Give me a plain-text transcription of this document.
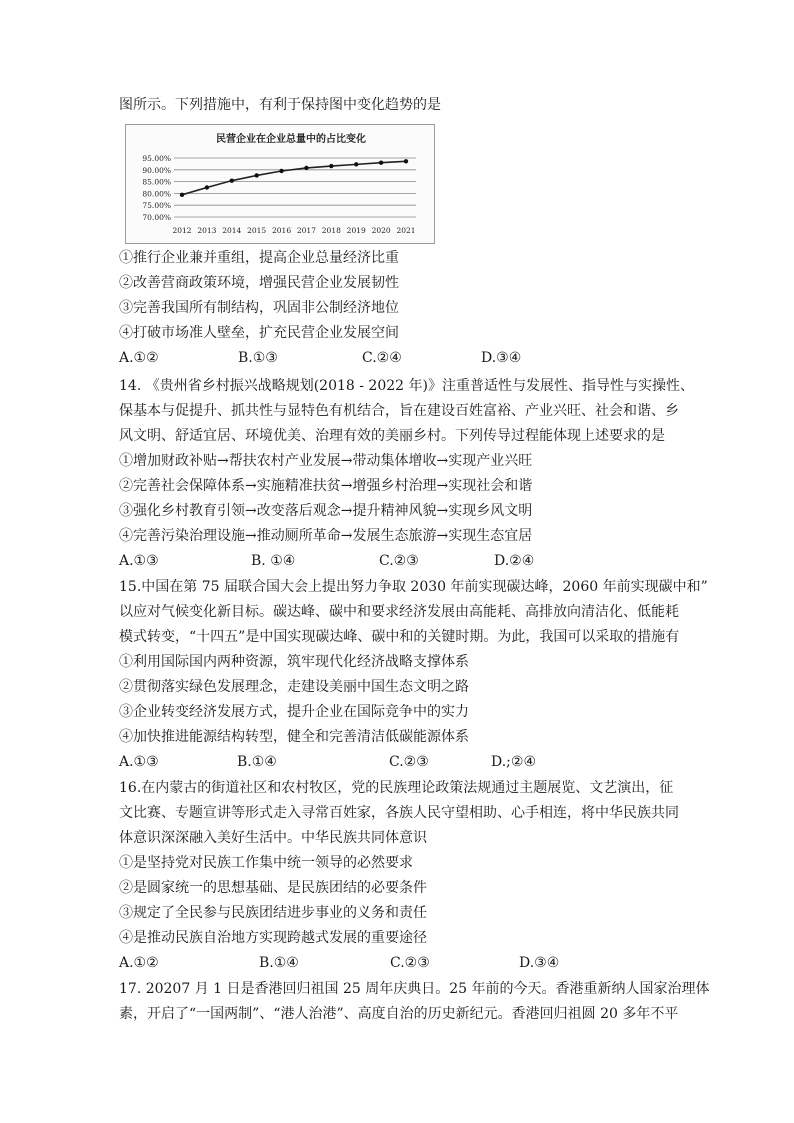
图所示。下列措施中，有利于保持图中变化趋势的是
民营企业在企业总量中的占比变化
95.00%
90.00%
85.00%
80.00%
75.00%
70.00%
2012 2013 2014 2015 2016 2017 2018 2019 2020 2021
①推行企业兼并重组，提高企业总量经济比重
②改善营商政策环境，增强民营企业发展韧性
③完善我国所有制结构，巩固非公制经济地位
④打破市场准人壁垒，扩充民营企业发展空间
A.①②	B.①③	C.②④	D.③④
14. 《贵州省乡村振兴战略规划(2018 - 2022 年)》注重普适性与发展性、指导性与实操性、
保基本与促提升、抓共性与显特色有机结合，旨在建设百姓富裕、产业兴旺、社会和谐、乡
风文明、舒适宜居、环境优美、治理有效的美丽乡村。下列传导过程能体现上述要求的是
①增加财政补贴→帮扶农村产业发展→带动集体增收→实现产业兴旺
②完善社会保障体系→实施精准扶贫→增强乡村治理→实现社会和谐
③强化乡村教育引领→改变落后观念→提升精神风貌→实现乡风文明
④完善污染治理设施→推动厕所革命→发展生态旅游→实现生态宜居
A.①③	B. ①④	C.②③	D.②④
15.中国在第 75 届联合国大会上提出努力争取 2030 年前实现碳达峰，2060 年前实现碳中和”
以应对气候变化新目标。碳达峰、碳中和要求经济发展由高能耗、高排放向清洁化、低能耗
模式转变，“十四五”是中国实现碳达峰、碳中和的关键时期。为此，我国可以采取的措施有
①利用国际国内两种资源，筑牢现代化经济战略支撑体系
②贯彻落实绿色发展理念，走建设美丽中国生态文明之路
③企业转变经济发展方式，提升企业在国际竞争中的实力
④加快推进能源结构转型，健全和完善清洁低碳能源体系
A.①③	B.①④	C.②③	D.;②④
16.在内蒙古的街道社区和农村牧区，党的民族理论政策法规通过主题展览、文艺演出，征
文比赛、专题宣讲等形式走入寻常百姓家，各族人民守望相助、心手相连，将中华民族共同
体意识深深融入美好生活中。中华民族共同体意识
①是坚持党对民族工作集中统一领导的必然要求
②是圆家统一的思想基础、是民族团结的必要条件
③规定了全民参与民族团结进步事业的义务和责任
④是推动民族自治地方实现跨越式发展的重要途径
A.①②	B.①④	C.②③	D.③④
17. 20207 月 1 日是香港回归祖国 25 周年庆典日。25 年前的今天。香港重新纳人国家治理体
素，开启了“一国两制”、“港人治港”、高度自治的历史新纪元。香港回归祖圆 20 多年不平
